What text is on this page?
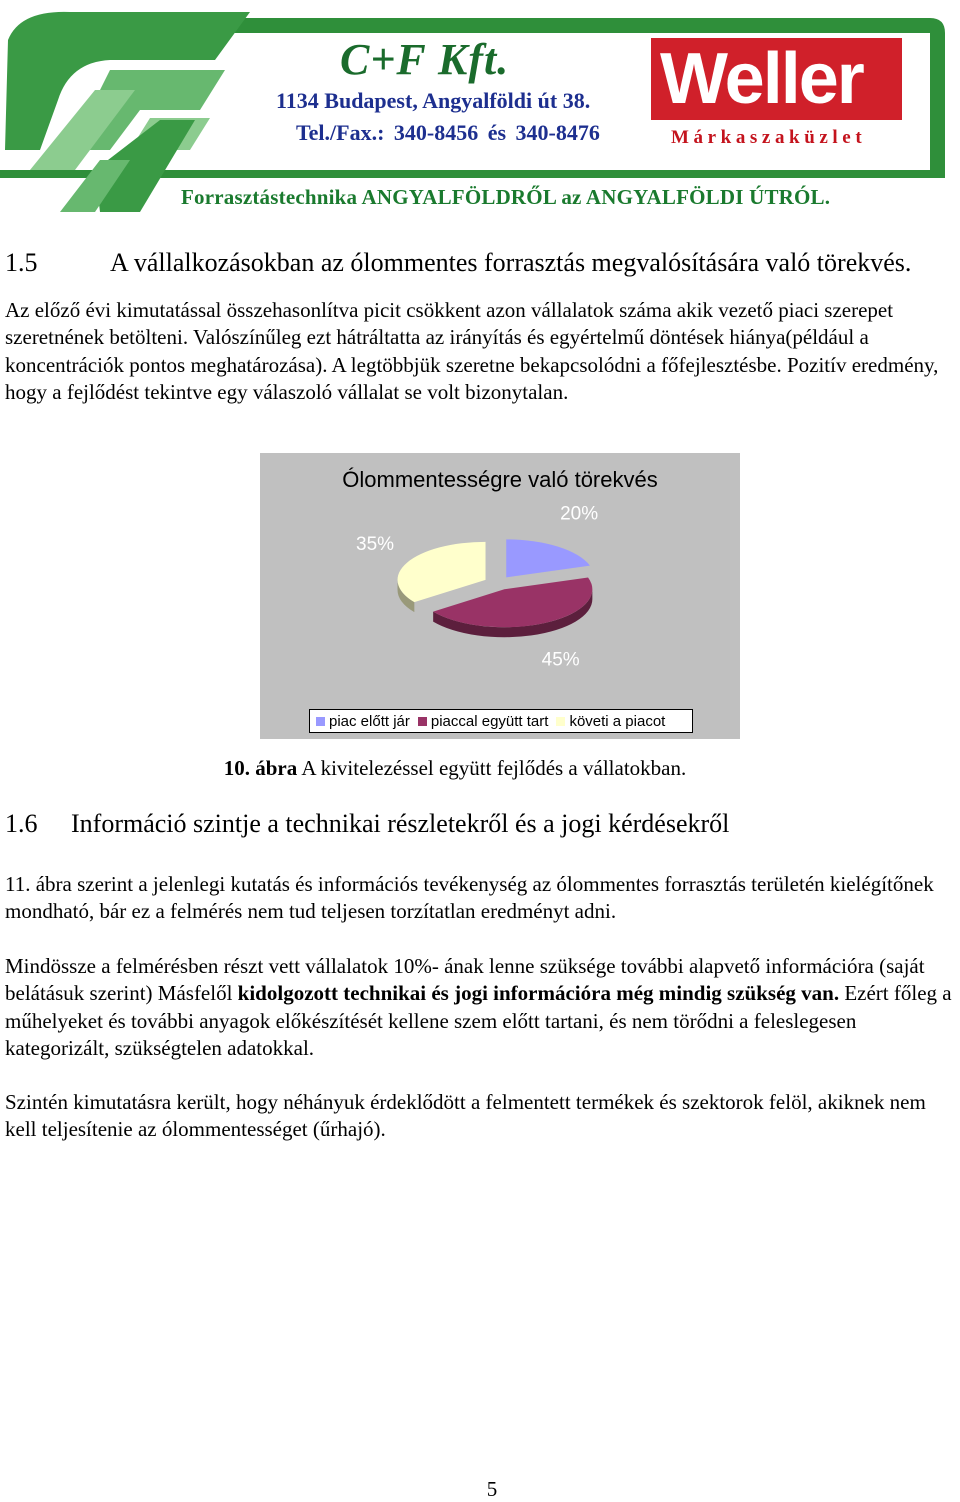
C+F Kft.
1134 Budapest, Angyalföldi út 38.
Tel./Fax.: 340-8456 és 340-8476
Weller
Márkaszaküzlet
Forrasztástechnika ANGYALFÖLDRŐL az ANGYALFÖLDI ÚTRÓL.
1.5	A vállalkozásokban az ólommentes forrasztás megvalósítására való törekvés.

Az előző évi kimutatással összehasonlítva picit csökkent azon vállalatok száma akik vezető piaci szerepet szeretnének betölteni. Valószínűleg ezt hátráltatta az irányítás és egyértelmű döntések hiánya(például a koncentrációk pontos meghatározása). A legtöbbjük szeretne bekapcsolódni a főfejlesztésbe. Pozitív eredmény, hogy a fejlődést tekintve egy válaszoló vállalat se volt bizonytalan.

Ólommentességre való törekvés
20%
45%
35%
piac előtt jár piaccal együtt tart követi a piacot
10. ábra A kivitelezéssel együtt fejlődés a vállatokban.
1.6 Információ szintje a technikai részletekről és a jogi kérdésekről

11. ábra szerint a jelenlegi kutatás és információs tevékenység az ólommentes forrasztás területén kielégítőnek mondható, bár ez a felmérés nem tud teljesen torzítatlan eredményt adni.

Mindössze a felmérésben részt vett vállalatok 10%- ának lenne szüksége további alapvető információra (saját belátásuk szerint) Másfelől kidolgozott technikai és jogi információra még mindig szükség van. Ezért főleg a műhelyeket és további anyagok előkészítését kellene szem előtt tartani, és nem törődni a feleslegesen kategorizált, szükségtelen adatokkal.

Szintén kimutatásra került, hogy néhányuk érdeklődött a felmentett termékek és szektorok felöl, akiknek nem kell teljesítenie az ólommentességet (űrhajó).

5
